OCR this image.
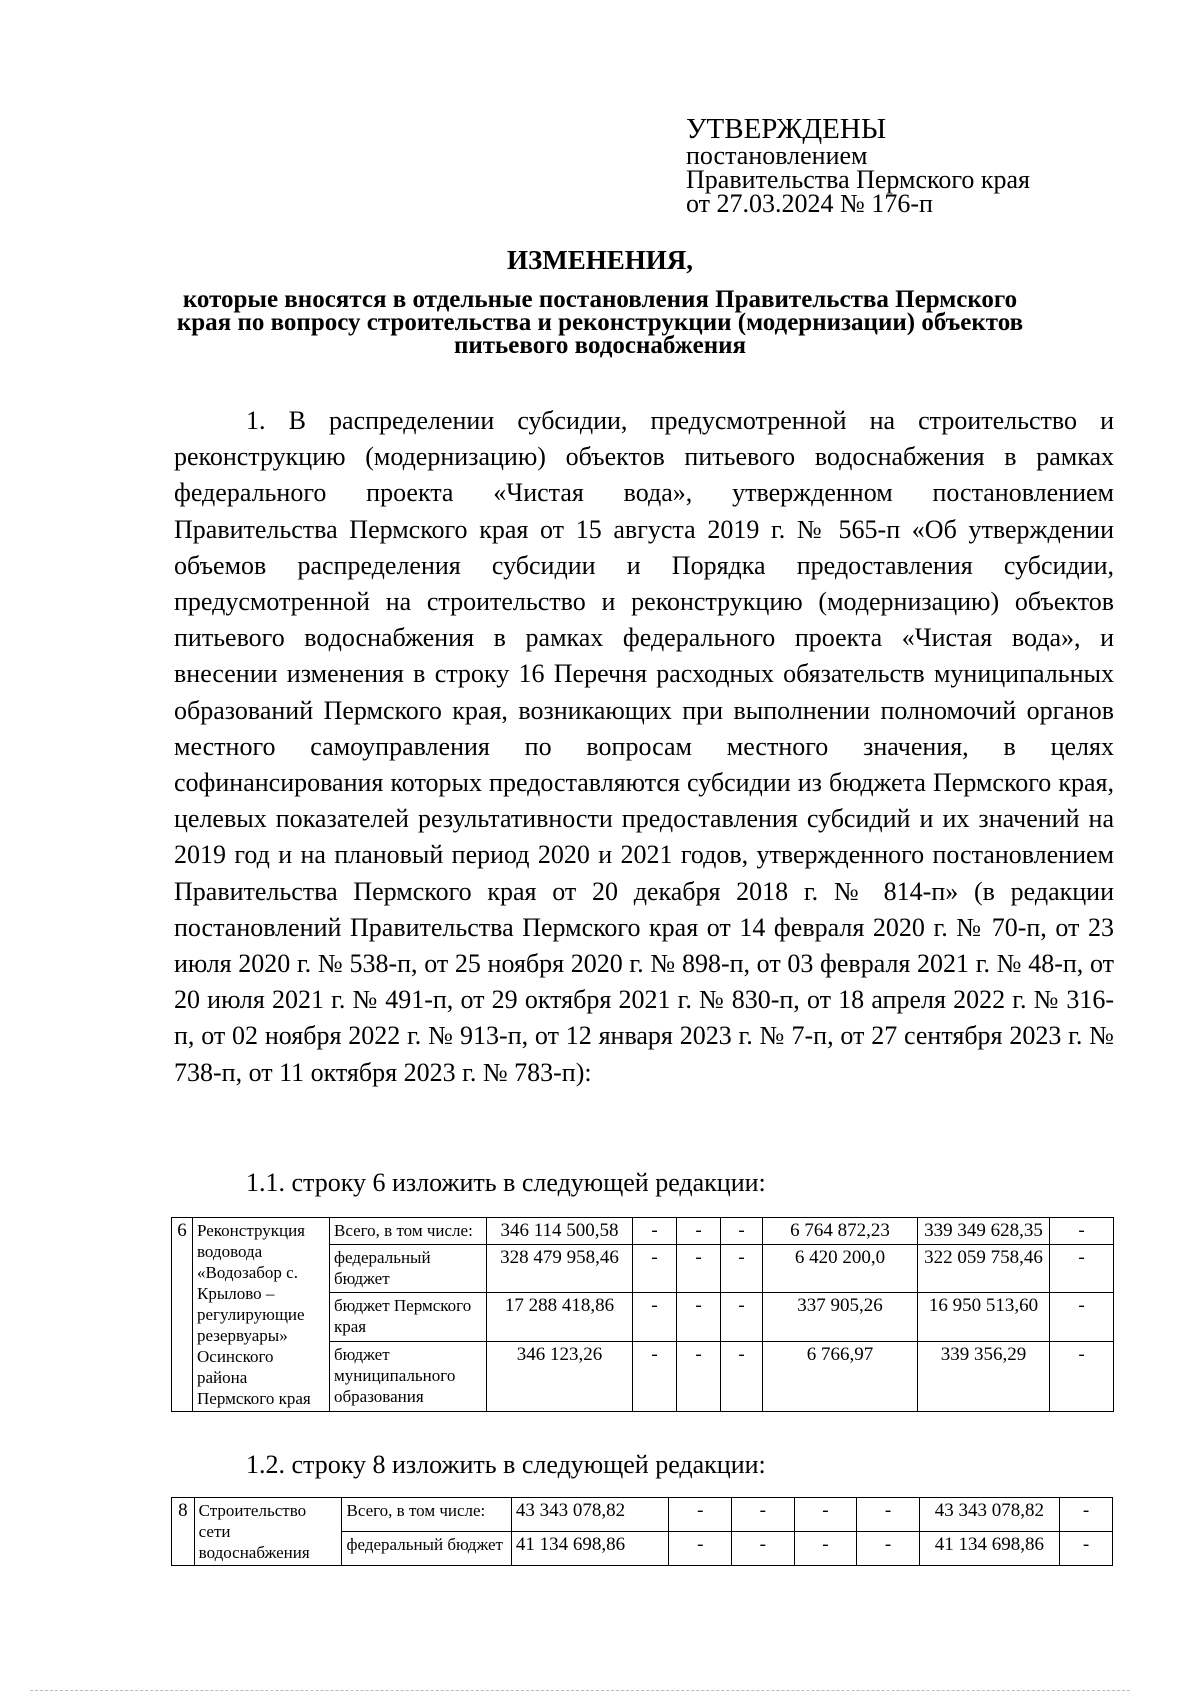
УТВЕРЖДЕНЫ
постановлением
Правительства Пермского края
от 27.03.2024 № 176-п
ИЗМЕНЕНИЯ,
которые вносятся в отдельные постановления Правительства Пермского края по вопросу строительства и реконструкции (модернизации) объектов питьевого водоснабжения

1. В распределении субсидии, предусмотренной на строительство и реконструкцию (модернизацию) объектов питьевого водоснабжения в рамках федерального проекта «Чистая вода», утвержденном постановлением Правительства Пермского края от 15 августа 2019 г. № 565-п «Об утверждении объемов распределения субсидии и Порядка предоставления субсидии, предусмотренной на строительство и реконструкцию (модернизацию) объектов питьевого водоснабжения в рамках федерального проекта «Чистая вода», и внесении изменения в строку 16 Перечня расходных обязательств муниципальных образований Пермского края, возникающих при выполнении полномочий органов местного самоуправления по вопросам местного значения, в целях софинансирования которых предоставляются субсидии из бюджета Пермского края, целевых показателей результативности предоставления субсидий и их значений на 2019 год и на плановый период 2020 и 2021 годов, утвержденного постановлением Правительства Пермского края от 20 декабря 2018 г. № 814-п» (в редакции постановлений Правительства Пермского края от 14 февраля 2020 г. № 70-п, от 23 июля 2020 г. № 538-п, от 25 ноября 2020 г. № 898-п, от 03 февраля 2021 г. № 48-п, от 20 июля 2021 г. № 491-п, от 29 октября 2021 г. № 830-п, от 18 апреля 2022 г. № 316-п, от 02 ноября 2022 г. № 913-п, от 12 января 2023 г. № 7-п, от 27 сентября 2023 г. № 738-п, от 11 октября 2023 г. № 783-п):

1.1. строку 6 изложить в следующей редакции:
6	Реконструкция водовода «Водозабор с. Крылово – регулирующие резервуары» Осинского района Пермского края	Всего, в том числе:	346 114 500,58	-	-	-	6 764 872,23	339 349 628,35	-
		федеральный бюджет	328 479 958,46	-	-	-	6 420 200,0	322 059 758,46	-
		бюджет Пермского края	17 288 418,86	-	-	-	337 905,26	16 950 513,60	-
		бюджет муниципального образования	346 123,26	-	-	-	6 766,97	339 356,29	-
1.2. строку 8 изложить в следующей редакции:
8	Строительство сети водоснабжения	Всего, в том числе:	43 343 078,82	-	-	-	-	43 343 078,82	-
		федеральный бюджет	41 134 698,86	-	-	-	-	41 134 698,86	-
